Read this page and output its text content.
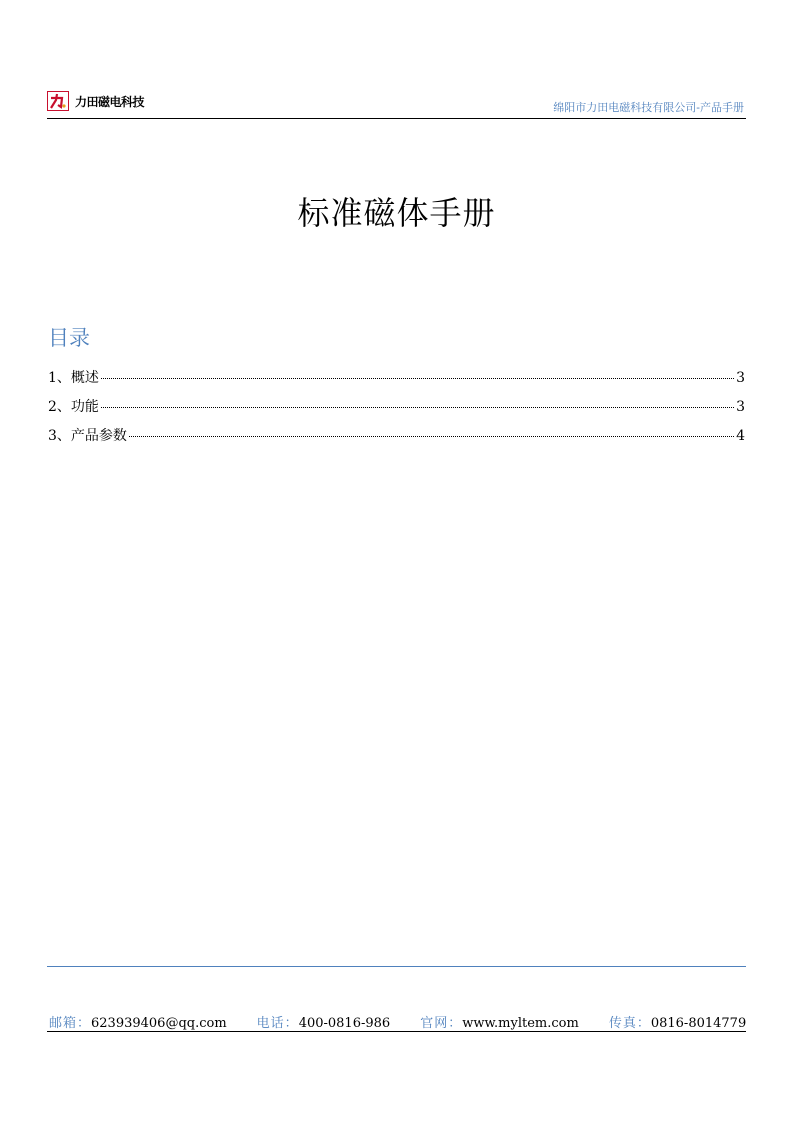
力田磁电科技	绵阳市力田电磁科技有限公司-产品手册
标准磁体手册
目录
1、概述	3
2、功能	3
3、产品参数	4
邮箱：623939406@qq.com 电话：400-0816-986 官网：www.myltem.com 传真：0816-8014779
